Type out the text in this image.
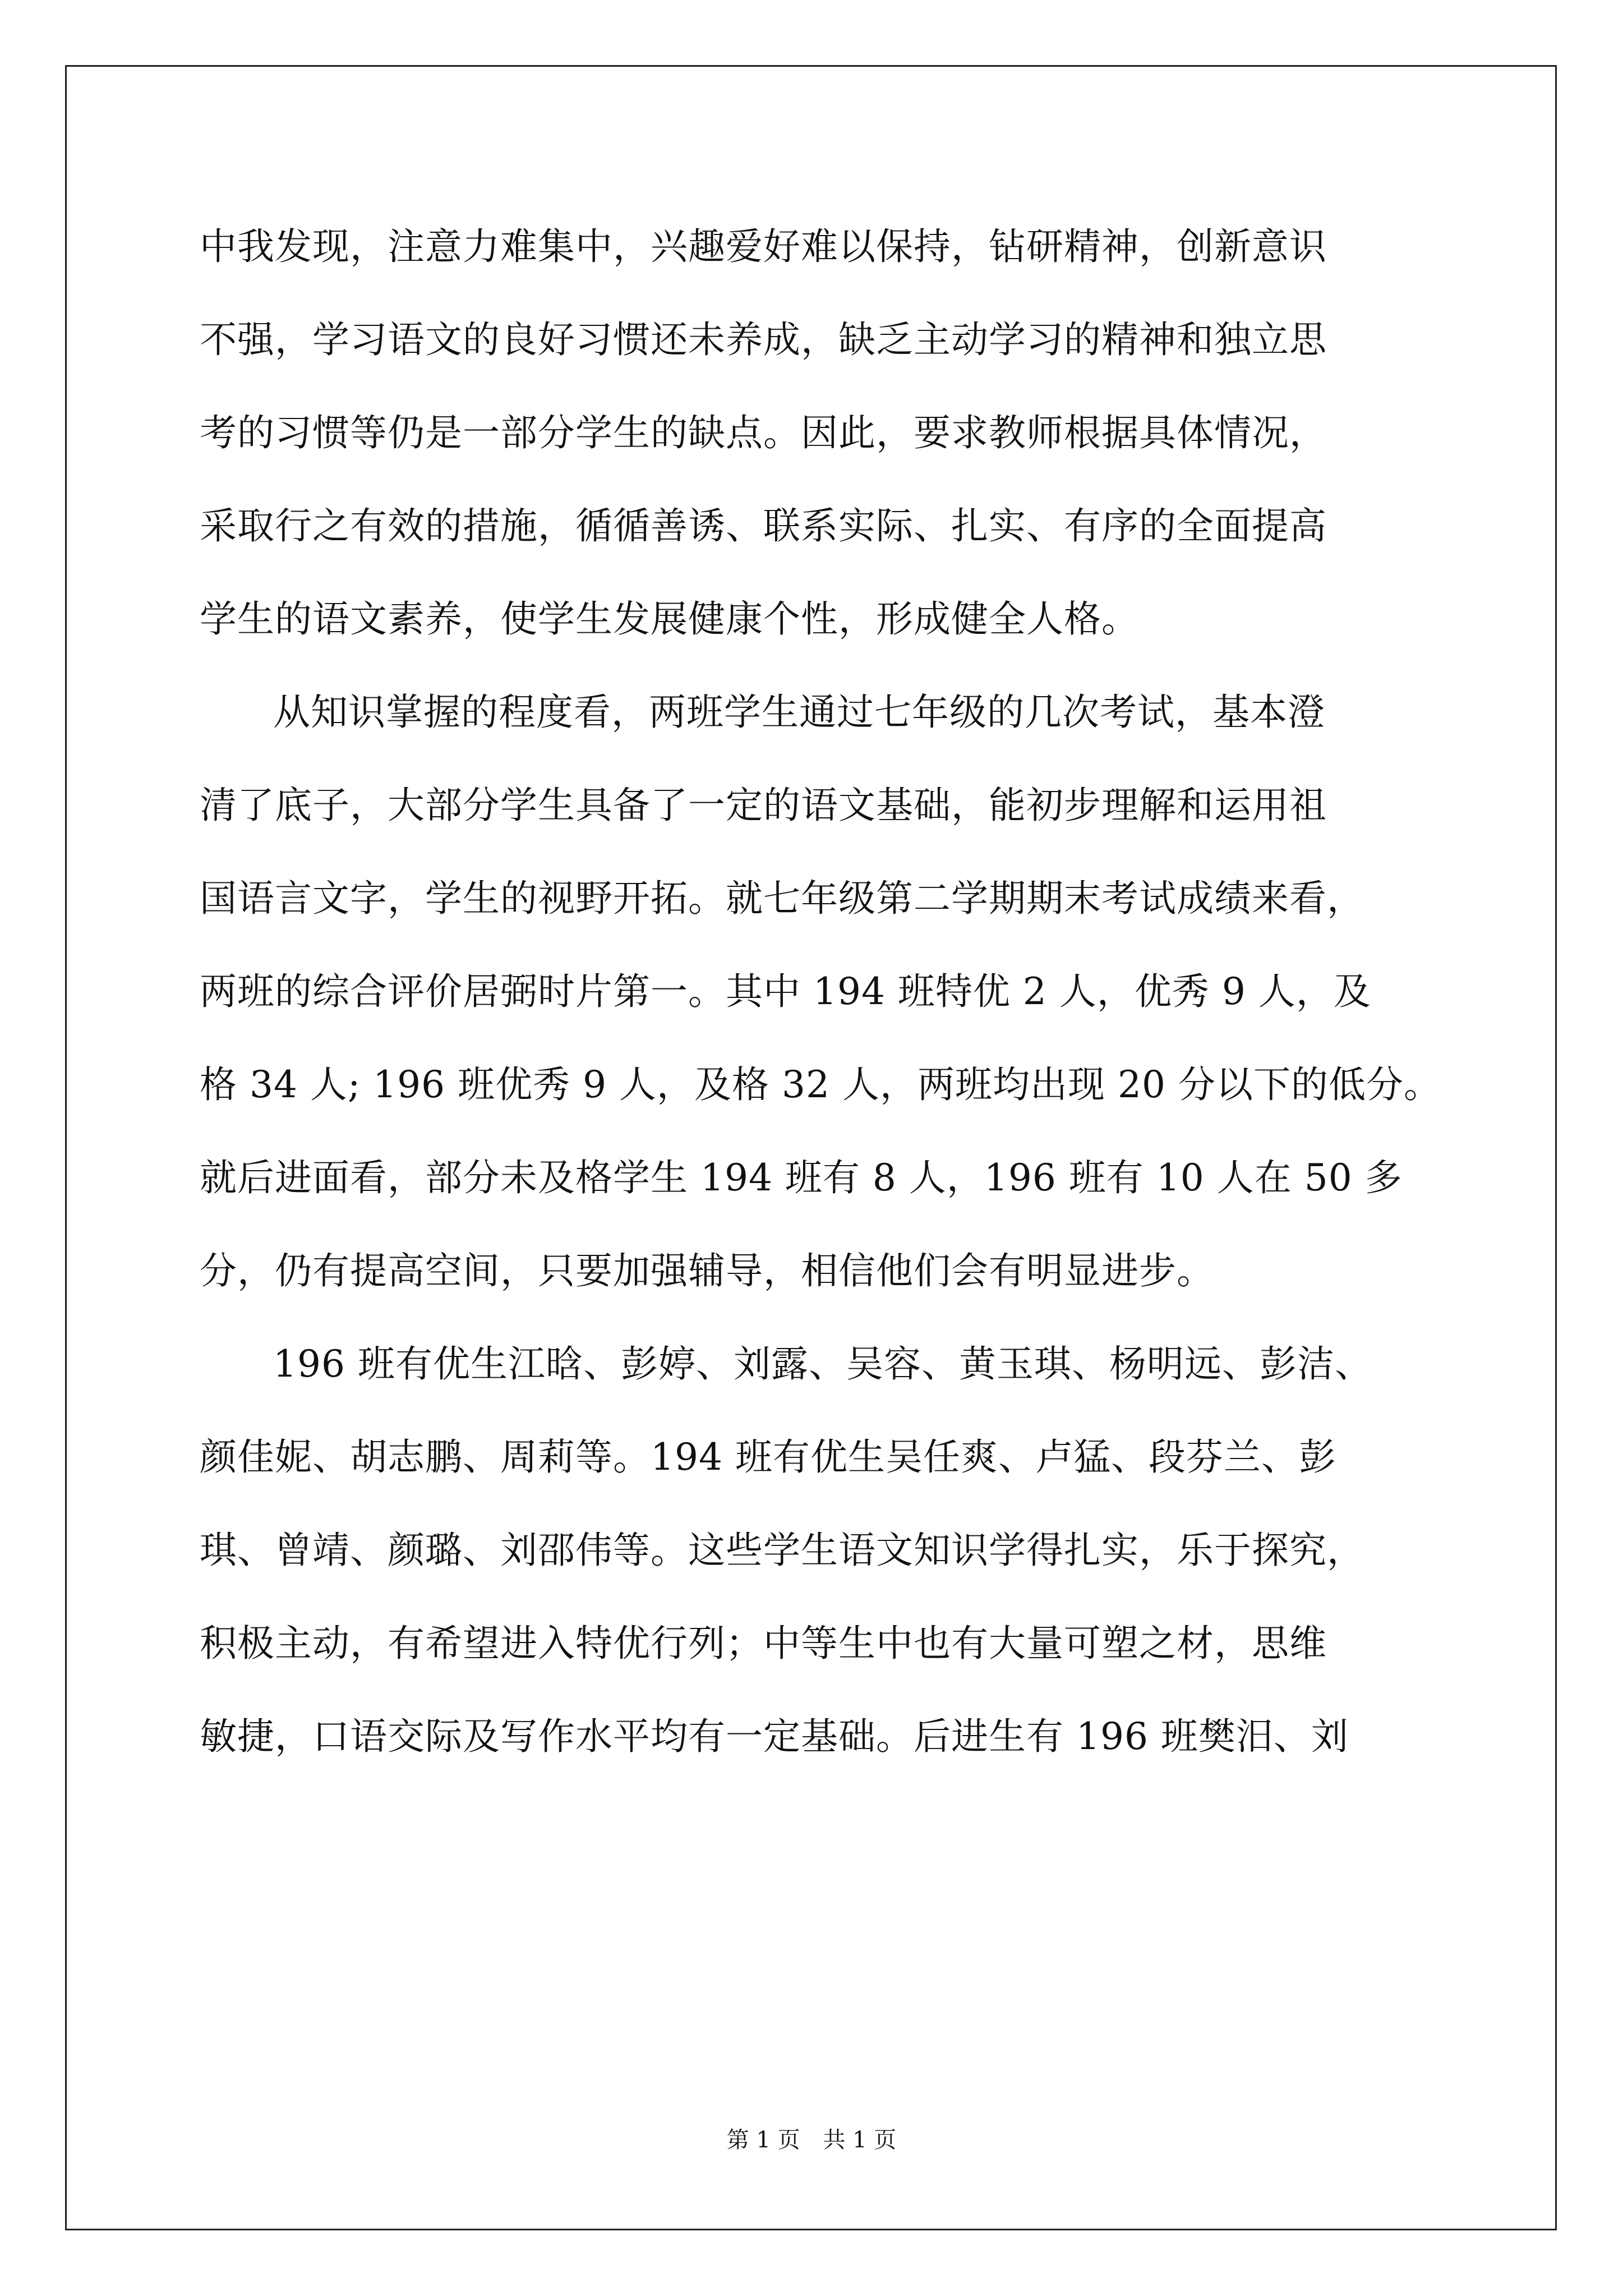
中我发现，注意力难集中，兴趣爱好难以保持，钻研精神，创新意识
不强，学习语文的良好习惯还未养成，缺乏主动学习的精神和独立思
考的习惯等仍是一部分学生的缺点。因此，要求教师根据具体情况，
采取行之有效的措施，循循善诱、联系实际、扎实、有序的全面提高
学生的语文素养，使学生发展健康个性，形成健全人格。
从知识掌握的程度看，两班学生通过七年级的几次考试，基本澄
清了底子，大部分学生具备了一定的语文基础，能初步理解和运用祖
国语言文字，学生的视野开拓。就七年级第二学期期末考试成绩来看，
两班的综合评价居弼时片第一。其中 194 班特优 2 人，优秀 9 人，及
格 34 人; 196 班优秀 9 人，及格 32 人，两班均出现 20 分以下的低分。
就后进面看，部分未及格学生 194 班有 8 人，196 班有 10 人在 50 多
分，仍有提高空间，只要加强辅导，相信他们会有明显进步。
196 班有优生江晗、彭婷、刘露、吴容、黄玉琪、杨明远、彭洁、
颜佳妮、胡志鹏、周莉等。194 班有优生吴任爽、卢猛、段芬兰、彭
琪、曾靖、颜璐、刘邵伟等。这些学生语文知识学得扎实，乐于探究，
积极主动，有希望进入特优行列；中等生中也有大量可塑之材，思维
敏捷，口语交际及写作水平均有一定基础。后进生有 196 班樊汨、刘
第 1 页 共 1 页
